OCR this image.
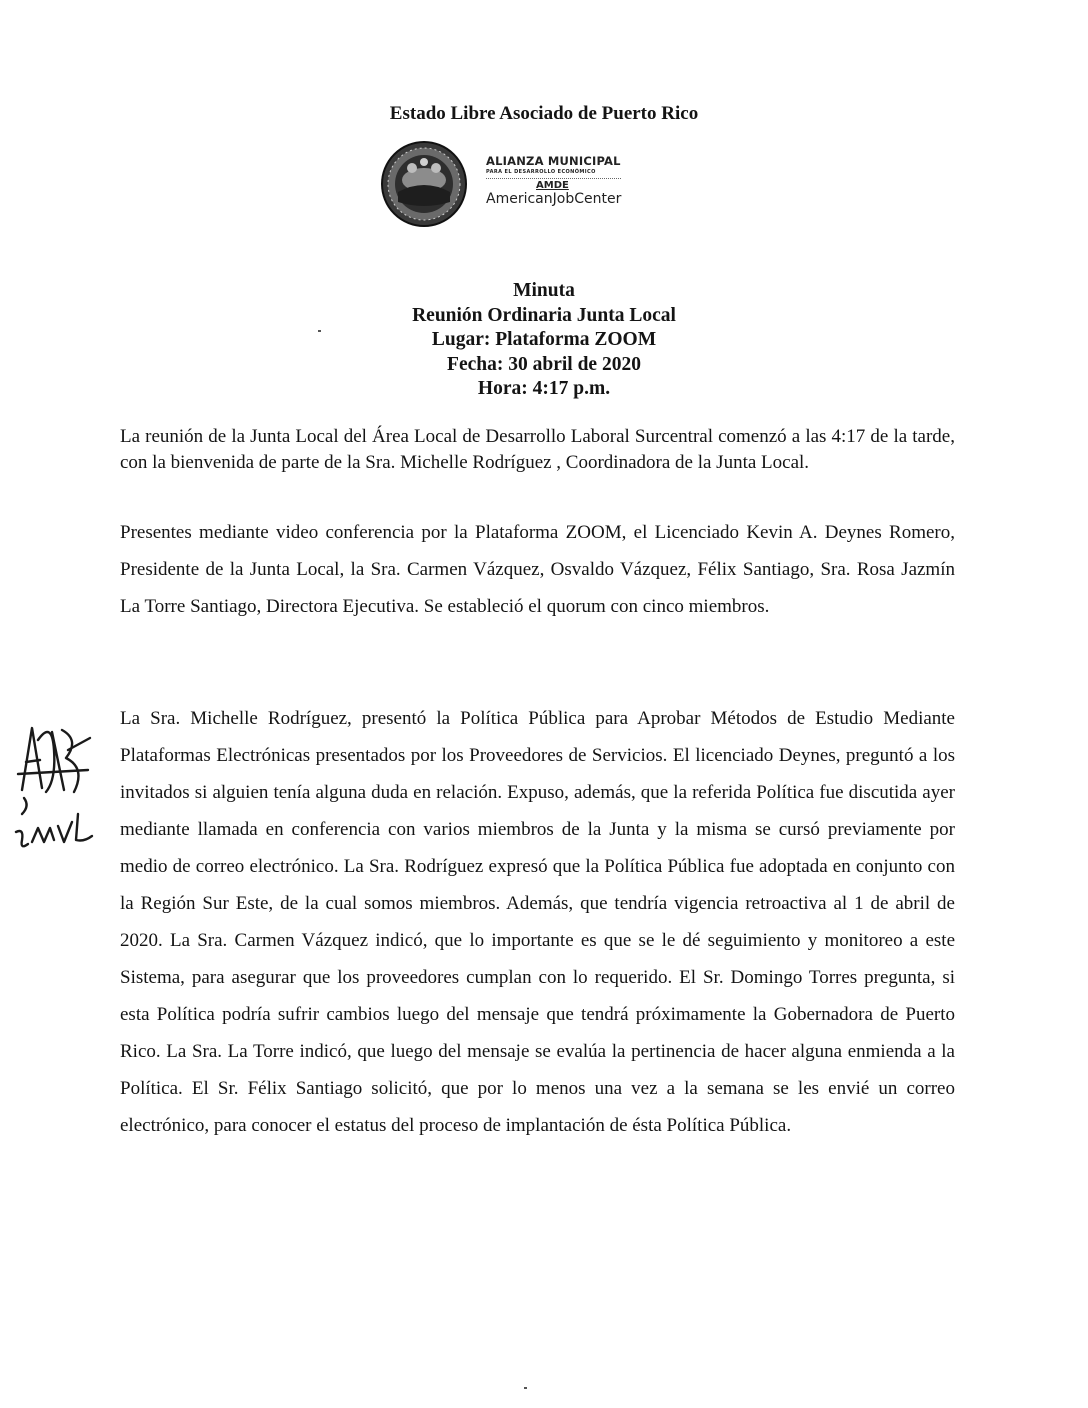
Estado Libre Asociado de Puerto Rico
ALIANZA MUNICIPAL
PARA EL DESARROLLO ECONÓMICO
AMDE
AmericanJobCenter
Minuta
Reunión Ordinaria Junta Local
Lugar: Plataforma ZOOM
Fecha: 30 abril de 2020
Hora: 4:17 p.m.

La reunión de la Junta Local del Área Local de Desarrollo Laboral Surcentral comenzó a las 4:17 de la tarde, con la bienvenida de parte de la Sra. Michelle Rodríguez , Coordinadora de la Junta Local.

Presentes mediante video conferencia por la Plataforma ZOOM, el Licenciado Kevin A. Deynes Romero, Presidente de la Junta Local, la Sra. Carmen Vázquez, Osvaldo Vázquez, Félix Santiago, Sra. Rosa Jazmín La Torre Santiago, Directora Ejecutiva. Se estableció el quorum con cinco miembros.

La Sra. Michelle Rodríguez, presentó la Política Pública para Aprobar Métodos de Estudio Mediante Plataformas Electrónicas presentados por los Proveedores de Servicios. El licenciado Deynes, preguntó a los invitados si alguien tenía alguna duda en relación. Expuso, además, que la referida Política fue discutida ayer mediante llamada en conferencia con varios miembros de la Junta y la misma se cursó previamente por medio de correo electrónico. La Sra. Rodríguez expresó que la Política Pública fue adoptada en conjunto con la Región Sur Este, de la cual somos miembros. Además, que tendría vigencia retroactiva al 1 de abril de 2020. La Sra. Carmen Vázquez indicó, que lo importante es que se le dé seguimiento y monitoreo a este Sistema, para asegurar que los proveedores cumplan con lo requerido. El Sr. Domingo Torres pregunta, si esta Política podría sufrir cambios luego del mensaje que tendrá próximamente la Gobernadora de Puerto Rico. La Sra. La Torre indicó, que luego del mensaje se evalúa la pertinencia de hacer alguna enmienda a la Política. El Sr. Félix Santiago solicitó, que por lo menos una vez a la semana se les envié un correo electrónico, para conocer el estatus del proceso de implantación de ésta Política Pública.
